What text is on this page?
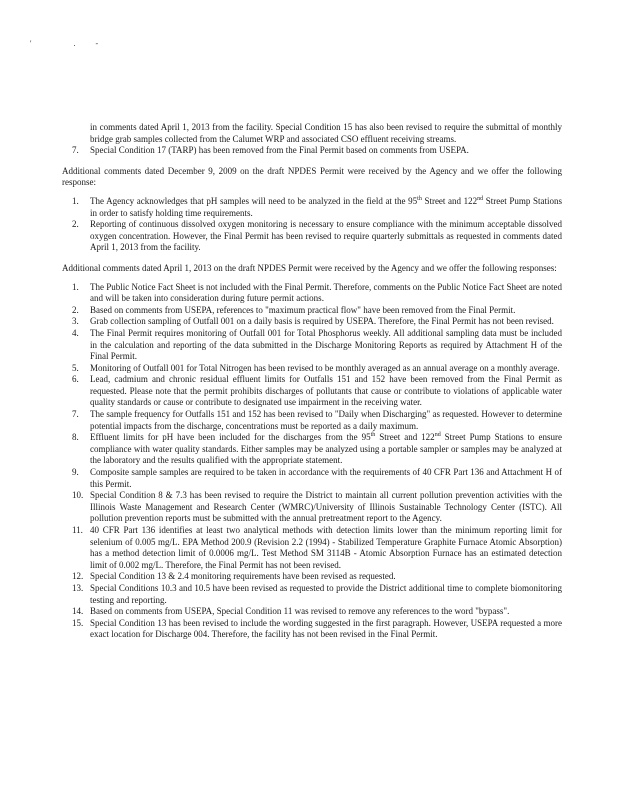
' .-

in comments dated April 1, 2013 from the facility. Special Condition 15 has also been revised to require the submittal of monthly bridge grab samples collected from the Calumet WRP and associated CSO effluent receiving streams.

7. Special Condition 17 (TARP) has been removed from the Final Permit based on comments from USEPA.

Additional comments dated December 9, 2009 on the draft NPDES Permit were received by the Agency and we offer the following response:

1. The Agency acknowledges that pH samples will need to be analyzed in the field at the 95th Street and 122nd Street Pump Stations in order to satisfy holding time requirements.
2. Reporting of continuous dissolved oxygen monitoring is necessary to ensure compliance with the minimum acceptable dissolved oxygen concentration. However, the Final Permit has been revised to require quarterly submittals as requested in comments dated April 1, 2013 from the facility.

Additional comments dated April 1, 2013 on the draft NPDES Permit were received by the Agency and we offer the following responses:

1. The Public Notice Fact Sheet is not included with the Final Permit. Therefore, comments on the Public Notice Fact Sheet are noted and will be taken into consideration during future permit actions.
2. Based on comments from USEPA, references to "maximum practical flow" have been removed from the Final Permit.
3. Grab collection sampling of Outfall 001 on a daily basis is required by USEPA. Therefore, the Final Permit has not been revised.
4. The Final Permit requires monitoring of Outfall 001 for Total Phosphorus weekly. All additional sampling data must be included in the calculation and reporting of the data submitted in the Discharge Monitoring Reports as required by Attachment H of the Final Permit.
5. Monitoring of Outfall 001 for Total Nitrogen has been revised to be monthly averaged as an annual average on a monthly average.
6. Lead, cadmium and chronic residual effluent limits for Outfalls 151 and 152 have been removed from the Final Permit as requested. Please note that the permit prohibits discharges of pollutants that cause or contribute to violations of applicable water quality standards or cause or contribute to designated use impairment in the receiving water.
7. The sample frequency for Outfalls 151 and 152 has been revised to "Daily when Discharging" as requested. However to determine potential impacts from the discharge, concentrations must be reported as a daily maximum.
8. Effluent limits for pH have been included for the discharges from the 95th Street and 122nd Street Pump Stations to ensure compliance with water quality standards. Either samples may be analyzed using a portable sampler or samples may be analyzed at the laboratory and the results qualified with the appropriate statement.
9. Composite sample samples are required to be taken in accordance with the requirements of 40 CFR Part 136 and Attachment H of this Permit.
10. Special Condition 8 & 7.3 has been revised to require the District to maintain all current pollution prevention activities with the Illinois Waste Management and Research Center (WMRC)/University of Illinois Sustainable Technology Center (ISTC). All pollution prevention reports must be submitted with the annual pretreatment report to the Agency.
11. 40 CFR Part 136 identifies at least two analytical methods with detection limits lower than the minimum reporting limit for selenium of 0.005 mg/L. EPA Method 200.9 (Revision 2.2 (1994) - Stabilized Temperature Graphite Furnace Atomic Absorption) has a method detection limit of 0.0006 mg/L. Test Method SM 3114B - Atomic Absorption Furnace has an estimated detection limit of 0.002 mg/L. Therefore, the Final Permit has not been revised.
12. Special Condition 13 & 2.4 monitoring requirements have been revised as requested.
13. Special Conditions 10.3 and 10.5 have been revised as requested to provide the District additional time to complete biomonitoring testing and reporting.
14. Based on comments from USEPA, Special Condition 11 was revised to remove any references to the word "bypass".
15. Special Condition 13 has been revised to include the wording suggested in the first paragraph. However, USEPA requested a more exact location for Discharge 004. Therefore, the facility has not been revised in the Final Permit.
